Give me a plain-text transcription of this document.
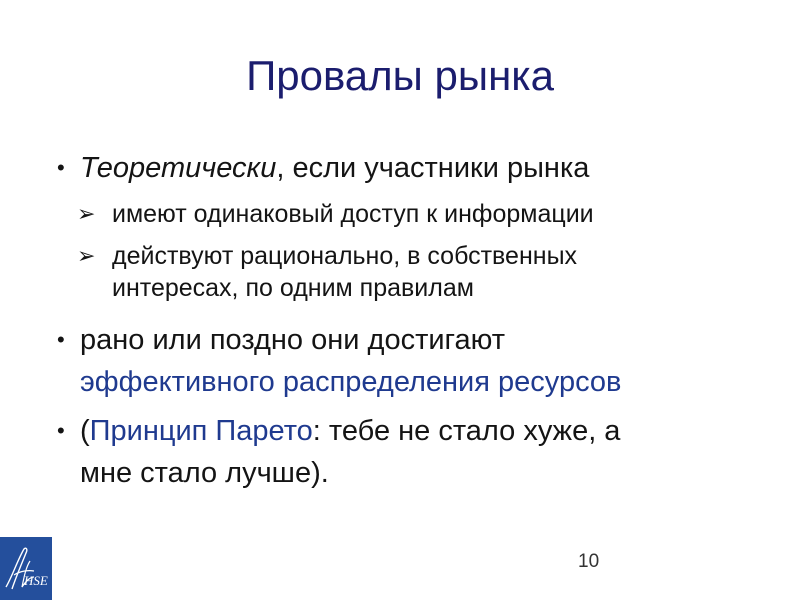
Провалы рынка
• Теоретически, если участники рынка
➢ имеют одинаковый доступ к информации
➢ действуют рационально, в собственных
интересах, по одним правилам
• рано или поздно они достигают
эффективного распределения ресурсов
• (Принцип Парето: тебе не стало хуже, а
мне стало лучше).
HSE
10
